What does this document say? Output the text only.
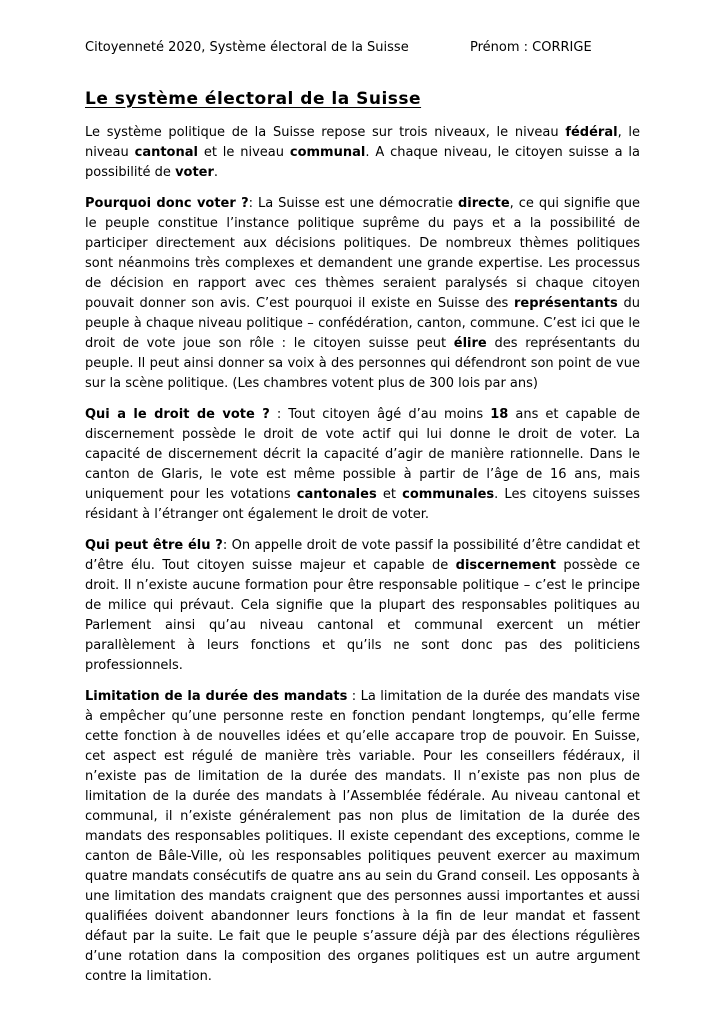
Citoyenneté 2020, Système électoral de la Suisse	Prénom : CORRIGE
Le système électoral de la Suisse

Le système politique de la Suisse repose sur trois niveaux, le niveau fédéral, le niveau cantonal et le niveau communal. A chaque niveau, le citoyen suisse a la possibilité de voter.

Pourquoi donc voter ?: La Suisse est une démocratie directe, ce qui signifie que le peuple constitue l’instance politique suprême du pays et a la possibilité de participer directement aux décisions politiques. De nombreux thèmes politiques sont néanmoins très complexes et demandent une grande expertise. Les processus de décision en rapport avec ces thèmes seraient paralysés si chaque citoyen pouvait donner son avis. C’est pourquoi il existe en Suisse des représentants du peuple à chaque niveau politique – confédération, canton, commune. C’est ici que le droit de vote joue son rôle : le citoyen suisse peut élire des représentants du peuple. Il peut ainsi donner sa voix à des personnes qui défendront son point de vue sur la scène politique. (Les chambres votent plus de 300 lois par ans)

Qui a le droit de vote ? : Tout citoyen âgé d’au moins 18 ans et capable de discernement possède le droit de vote actif qui lui donne le droit de voter. La capacité de discernement décrit la capacité d’agir de manière rationnelle. Dans le canton de Glaris, le vote est même possible à partir de l’âge de 16 ans, mais uniquement pour les votations cantonales et communales. Les citoyens suisses résidant à l’étranger ont également le droit de voter.

Qui peut être élu ?: On appelle droit de vote passif la possibilité d’être candidat et d’être élu. Tout citoyen suisse majeur et capable de discernement possède ce droit. Il n’existe aucune formation pour être responsable politique – c’est le principe de milice qui prévaut. Cela signifie que la plupart des responsables politiques au Parlement ainsi qu’au niveau cantonal et communal exercent un métier parallèlement à leurs fonctions et qu’ils ne sont donc pas des politiciens professionnels.

Limitation de la durée des mandats : La limitation de la durée des mandats vise à empêcher qu’une personne reste en fonction pendant longtemps, qu’elle ferme cette fonction à de nouvelles idées et qu’elle accapare trop de pouvoir. En Suisse, cet aspect est régulé de manière très variable. Pour les conseillers fédéraux, il n’existe pas de limitation de la durée des mandats. Il n’existe pas non plus de limitation de la durée des mandats à l’Assemblée fédérale. Au niveau cantonal et communal, il n’existe généralement pas non plus de limitation de la durée des mandats des responsables politiques. Il existe cependant des exceptions, comme le canton de Bâle-Ville, où les responsables politiques peuvent exercer au maximum quatre mandats consécutifs de quatre ans au sein du Grand conseil. Les opposants à une limitation des mandats craignent que des personnes aussi importantes et aussi qualifiées doivent abandonner leurs fonctions à la fin de leur mandat et fassent défaut par la suite. Le fait que le peuple s’assure déjà par des élections régulières d’une rotation dans la composition des organes politiques est un autre argument contre la limitation.
